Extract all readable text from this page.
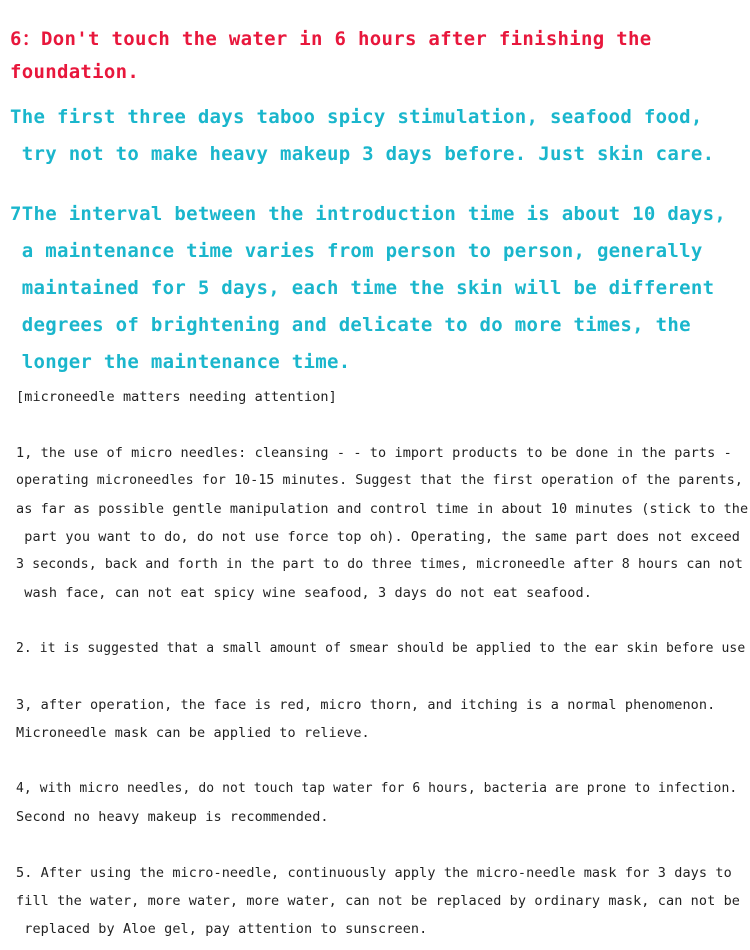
6：Don't touch the water in 6 hours after finishing the
foundation.
The first three days taboo spicy stimulation, seafood food,
try not to make heavy makeup 3 days before. Just skin care.
7The interval between the introduction time is about 10 days,
a maintenance time varies from person to person, generally
maintained for 5 days, each time the skin will be different
degrees of brightening and delicate to do more times, the
longer the maintenance time.
[microneedle matters needing attention]
1, the use of micro needles: cleansing - - to import products to be done in the parts -
operating microneedles for 10-15 minutes. Suggest that the first operation of the parents,
as far as possible gentle manipulation and control time in about 10 minutes (stick to the
part you want to do, do not use force top oh). Operating, the same part does not exceed
3 seconds, back and forth in the part to do three times, microneedle after 8 hours can not
wash face, can not eat spicy wine seafood, 3 days do not eat seafood.
2. it is suggested that a small amount of smear should be applied to the ear skin before use
3, after operation, the face is red, micro thorn, and itching is a normal phenomenon.
Microneedle mask can be applied to relieve.
4, with micro needles, do not touch tap water for 6 hours, bacteria are prone to infection.
Second no heavy makeup is recommended.
5. After using the micro-needle, continuously apply the micro-needle mask for 3 days to
fill the water, more water, more water, can not be replaced by ordinary mask, can not be
replaced by Aloe gel, pay attention to sunscreen.
